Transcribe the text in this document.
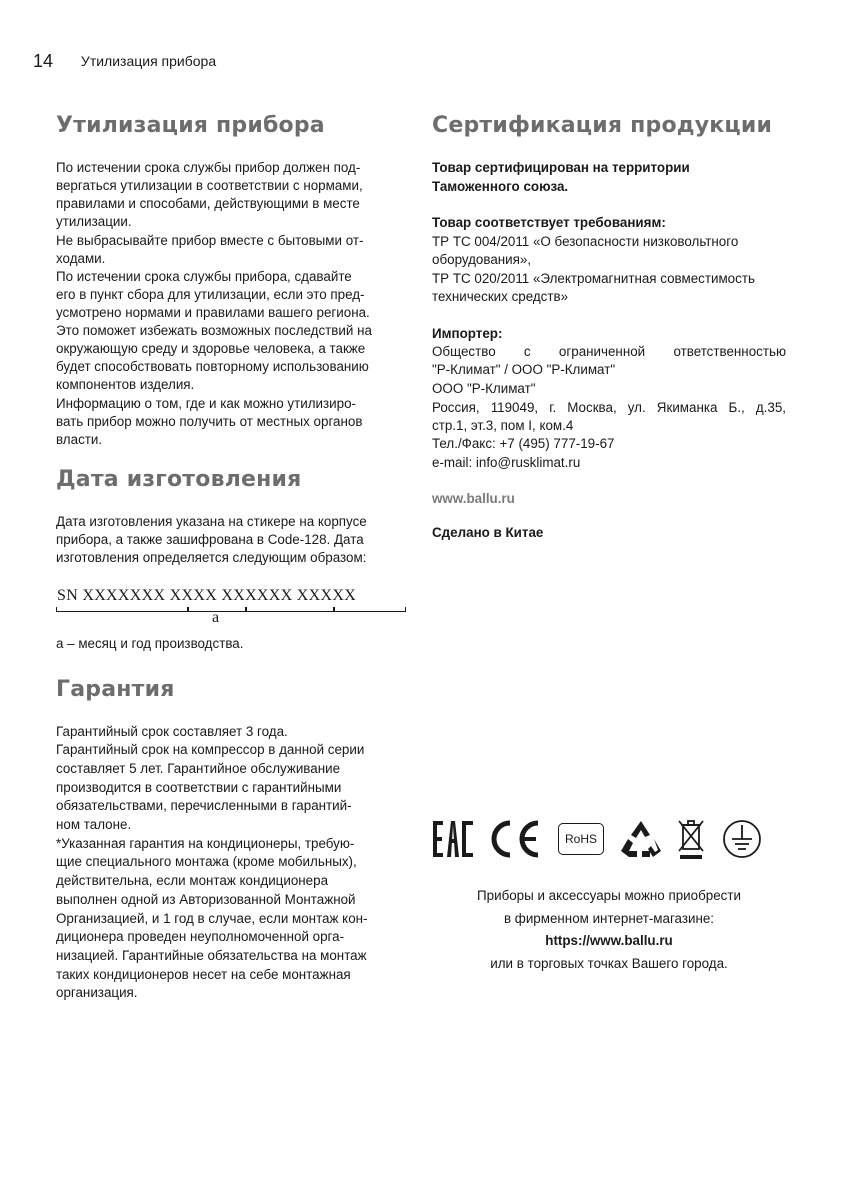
14 Утилизация прибора
Утилизация прибора

По истечении срока службы прибор должен под-

вергаться утилизации в соответствии с нормами,

правилами и способами, действующими в месте

утилизации.

Не выбрасывайте прибор вместе с бытовыми от-

ходами.

По истечении срока службы прибора, сдавайте

его в пункт сбора для утилизации, если это пред-

усмотрено нормами и правилами вашего региона.

Это поможет избежать возможных последствий на

окружающую среду и здоровье человека, а также

будет способствовать повторному использованию

компонентов изделия.

Информацию о том, где и как можно утилизиро-

вать прибор можно получить от местных органов

власти.

Дата изготовления

Дата изготовления указана на стикере на корпусе

прибора, а также зашифрована в Code-128. Дата

изготовления определяется следующим образом:

SN XXXXXXX XXXX XXXXXX XXXXX
a

а – месяц и год производства.

Гарантия

Гарантийный срок составляет 3 года.

Гарантийный срок на компрессор в данной серии

составляет 5 лет. Гарантийное обслуживание

производится в соответствии с гарантийными

обязательствами, перечисленными в гарантий-

ном талоне.

*Указанная гарантия на кондиционеры, требую-

щие специального монтажа (кроме мобильных),

действительна, если монтаж кондиционера

выполнен одной из Авторизованной Монтажной

Организацией, и 1 год в случае, если монтаж кон-

диционера проведен неуполномоченной орга-

низацией. Гарантийные обязательства на монтаж

таких кондиционеров несет на себе монтажная

организация.

Сертификация продукции

Товар сертифицирован на территории

Таможенного союза.

Товар соответствует требованиям:

ТР ТС 004/2011 «О безопасности низковольтного

оборудования»,

ТР ТС 020/2011 «Электромагнитная совместимость

технических средств»

Импортер:

Общество с ограниченной ответственностью

"Р-Климат" / ООО "Р-Климат"

ООО "Р-Климат"

Россия, 119049, г. Москва, ул. Якиманка Б., д.35,

стр.1, эт.3, пом I, ком.4

Тел./Факс: +7 (495) 777-19-67

e-mail: info@rusklimat.ru

www.ballu.ru

Сделано в Китае

RoHS
Приборы и аксессуары можно приобрести
в фирменном интернет-магазине:
https://www.ballu.ru
или в торговых точках Вашего города.
